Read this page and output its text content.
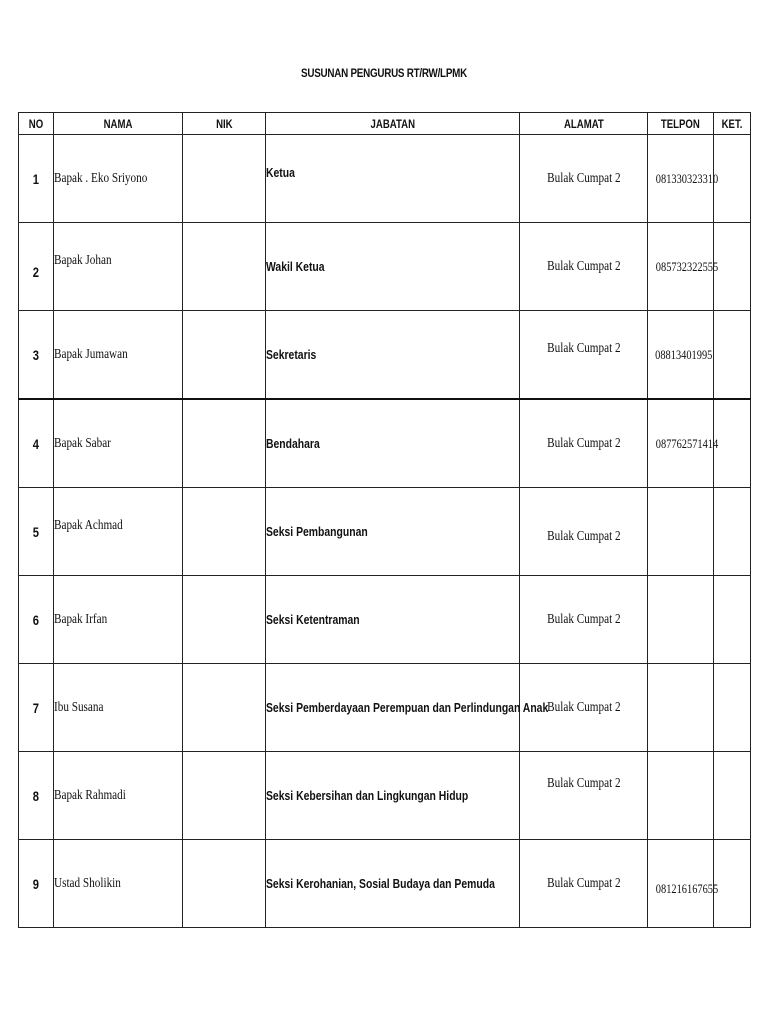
SUSUNAN PENGURUS RT/RW/LPMK
NO	NAMA	NIK	JABATAN	ALAMAT	TELPON	KET.
1	Bapak . Eko Sriyono		Ketua	Bulak Cumpat 2	081330323310	
2	Bapak Johan		Wakil Ketua	Bulak Cumpat 2	085732322555	
3	Bapak Jumawan		Sekretaris	Bulak Cumpat 2	08813401995	
4	Bapak Sabar		Bendahara	Bulak Cumpat 2	087762571414	
5	Bapak Achmad		Seksi Pembangunan	Bulak Cumpat 2		
6	Bapak Irfan		Seksi Ketentraman	Bulak Cumpat 2		
7	Ibu Susana		Seksi Pemberdayaan Perempuan dan Perlindungan Anak	Bulak Cumpat 2		
8	Bapak Rahmadi		Seksi Kebersihan dan Lingkungan Hidup	Bulak Cumpat 2		
9	Ustad Sholikin		Seksi Kerohanian, Sosial Budaya dan Pemuda	Bulak Cumpat 2	081216167655	
